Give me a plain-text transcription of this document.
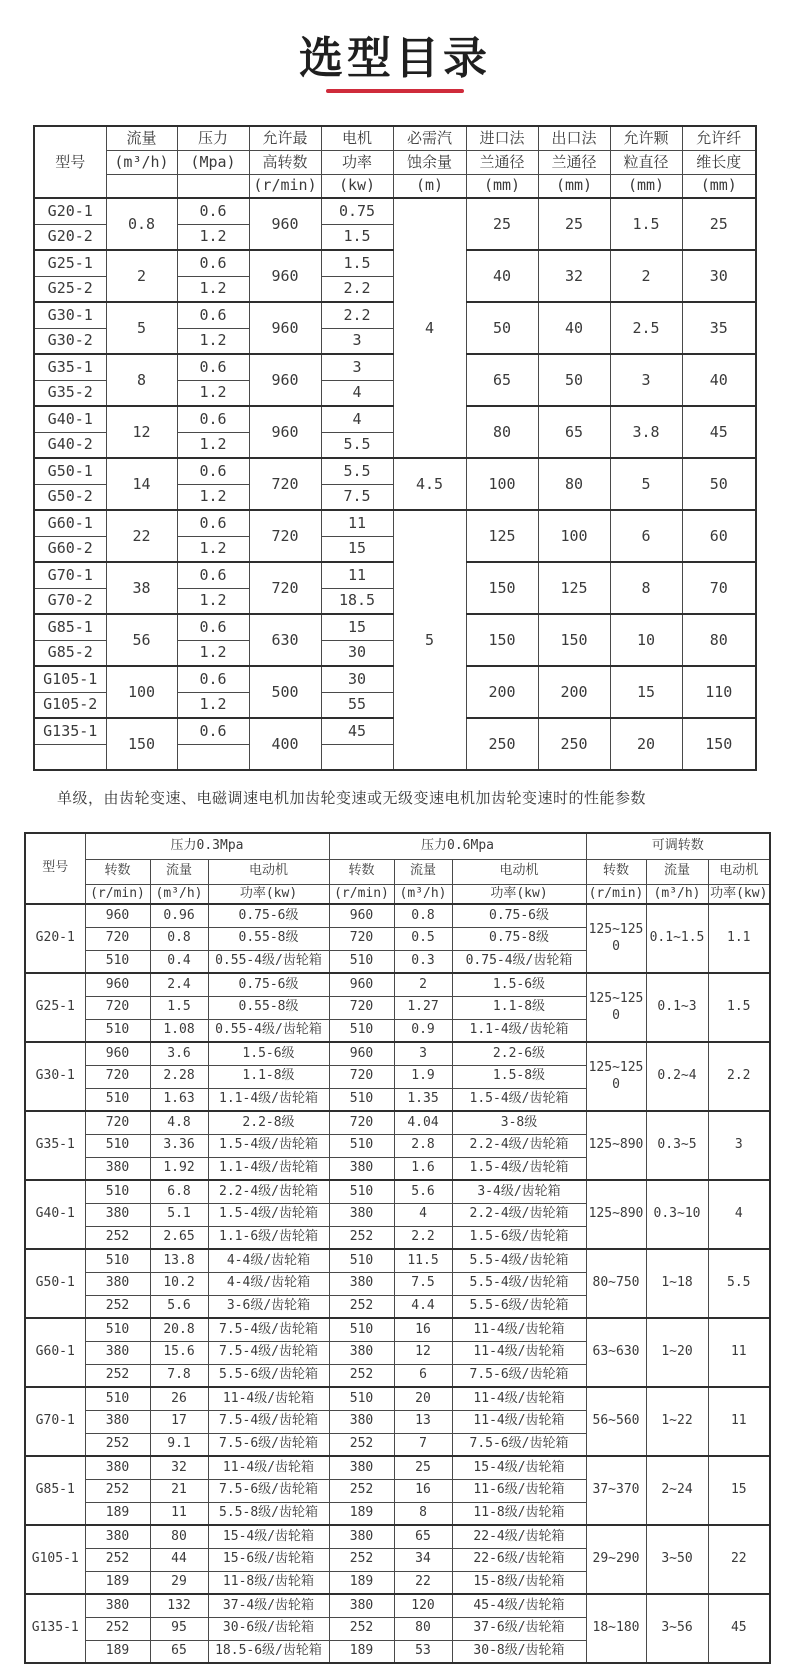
选型目录
型号	流量	压力	允许最	电机	必需汽	进口法	出口法	允许颗	允许纤
	(m³/h)	(Mpa)	高转数	功率	蚀余量	兰通径	兰通径	粒直径	维长度
			(r/min)	(kw)	(m)	(mm)	(mm)	(mm)	(mm)
G20-1	0.8	0.6	960	0.75	4	25	25	1.5	25
G20-2		1.2		1.5					
G25-1	2	0.6	960	1.5		40	32	2	30
G25-2		1.2		2.2					
G30-1	5	0.6	960	2.2		50	40	2.5	35
G30-2		1.2		3					
G35-1	8	0.6	960	3		65	50	3	40
G35-2		1.2		4					
G40-1	12	0.6	960	4		80	65	3.8	45
G40-2		1.2		5.5					
G50-1	14	0.6	720	5.5	4.5	100	80	5	50
G50-2		1.2		7.5					
G60-1	22	0.6	720	11	5	125	100	6	60
G60-2		1.2		15					
G70-1	38	0.6	720	11		150	125	8	70
G70-2		1.2		18.5					
G85-1	56	0.6	630	15		150	150	10	80
G85-2		1.2		30					
G105-1	100	0.6	500	30		200	200	15	110
G105-2		1.2		55					
G135-1	150	0.6	400	45		250	250	20	150

单级，由齿轮变速、电磁调速电机加齿轮变速或无级变速电机加齿轮变速时的性能参数
型号	压力0.3Mpa			压力0.6Mpa			可调转数		
	转数	流量	电动机	转数	流量	电动机	转数	流量	电动机
	(r/min)	(m³/h)	功率(kw)	(r/min)	(m³/h)	功率(kw)	(r/min)	(m³/h)	功率(kw)
G20-1	960	0.96	0.75-6级	960	0.8	0.75-6级	125~1250	0.1~1.5	1.1
	720	0.8	0.55-8级	720	0.5	0.75-8级			
	510	0.4	0.55-4级/齿轮箱	510	0.3	0.75-4级/齿轮箱			
G25-1	960	2.4	0.75-6级	960	2	1.5-6级	125~1250	0.1~3	1.5
	720	1.5	0.55-8级	720	1.27	1.1-8级			
	510	1.08	0.55-4级/齿轮箱	510	0.9	1.1-4级/齿轮箱			
G30-1	960	3.6	1.5-6级	960	3	2.2-6级	125~1250	0.2~4	2.2
	720	2.28	1.1-8级	720	1.9	1.5-8级			
	510	1.63	1.1-4级/齿轮箱	510	1.35	1.5-4级/齿轮箱			
G35-1	720	4.8	2.2-8级	720	4.04	3-8级	125~890	0.3~5	3
	510	3.36	1.5-4级/齿轮箱	510	2.8	2.2-4级/齿轮箱			
	380	1.92	1.1-4级/齿轮箱	380	1.6	1.5-4级/齿轮箱			
G40-1	510	6.8	2.2-4级/齿轮箱	510	5.6	3-4级/齿轮箱	125~890	0.3~10	4
	380	5.1	1.5-4级/齿轮箱	380	4	2.2-4级/齿轮箱			
	252	2.65	1.1-6级/齿轮箱	252	2.2	1.5-6级/齿轮箱			
G50-1	510	13.8	4-4级/齿轮箱	510	11.5	5.5-4级/齿轮箱	80~750	1~18	5.5
	380	10.2	4-4级/齿轮箱	380	7.5	5.5-4级/齿轮箱			
	252	5.6	3-6级/齿轮箱	252	4.4	5.5-6级/齿轮箱			
G60-1	510	20.8	7.5-4级/齿轮箱	510	16	11-4级/齿轮箱	63~630	1~20	11
	380	15.6	7.5-4级/齿轮箱	380	12	11-4级/齿轮箱			
	252	7.8	5.5-6级/齿轮箱	252	6	7.5-6级/齿轮箱			
G70-1	510	26	11-4级/齿轮箱	510	20	11-4级/齿轮箱	56~560	1~22	11
	380	17	7.5-4级/齿轮箱	380	13	11-4级/齿轮箱			
	252	9.1	7.5-6级/齿轮箱	252	7	7.5-6级/齿轮箱			
G85-1	380	32	11-4级/齿轮箱	380	25	15-4级/齿轮箱	37~370	2~24	15
	252	21	7.5-6级/齿轮箱	252	16	11-6级/齿轮箱			
	189	11	5.5-8级/齿轮箱	189	8	11-8级/齿轮箱			
G105-1	380	80	15-4级/齿轮箱	380	65	22-4级/齿轮箱	29~290	3~50	22
	252	44	15-6级/齿轮箱	252	34	22-6级/齿轮箱			
	189	29	11-8级/齿轮箱	189	22	15-8级/齿轮箱			
G135-1	380	132	37-4级/齿轮箱	380	120	45-4级/齿轮箱	18~180	3~56	45
	252	95	30-6级/齿轮箱	252	80	37-6级/齿轮箱			
	189	65	18.5-6级/齿轮箱	189	53	30-8级/齿轮箱			
